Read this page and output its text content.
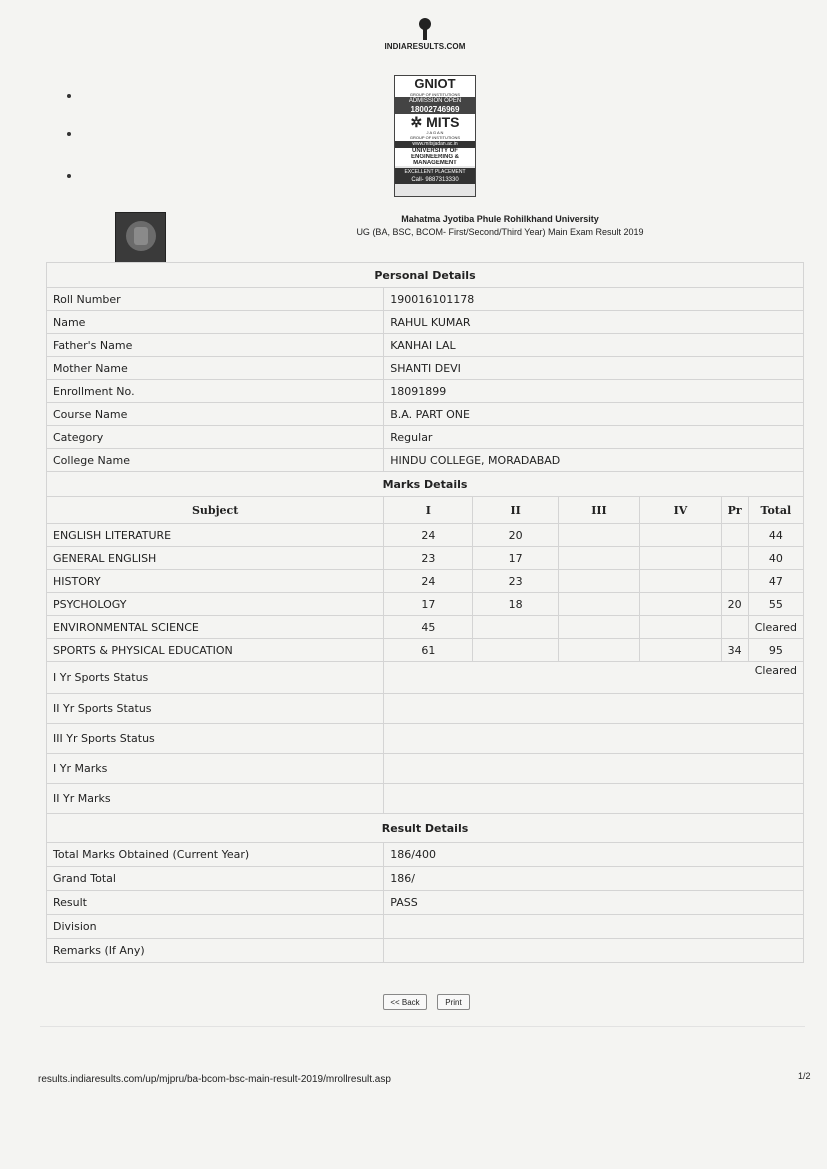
INDIARESULTS.COM
GNIOT
GROUP OF INSTITUTIONS
ADMISSION OPEN
18002746969
✲ MITS
J A G A N
GROUP OF INSTITUTIONS
www.mitsjadan.ac.in
UNIVERSITY OF
ENGINEERING &
MANAGEMENT
EXCELLENT PLACEMENT
Call- 9887313330
Mahatma Jyotiba Phule Rohilkhand University
UG (BA, BSC, BCOM- First/Second/Third Year) Main Exam Result 2019
Personal Details						
Roll Number	190016101178					
Name	RAHUL KUMAR					
Father's Name	KANHAI LAL					
Mother Name	SHANTI DEVI					
Enrollment No.	18091899					
Course Name	B.A. PART ONE					
Category	Regular					
College Name	HINDU COLLEGE, MORADABAD					
Marks Details						
Subject	I	II	III	IV	Pr	Total
ENGLISH LITERATURE	24	20				44
GENERAL ENGLISH	23	17				40
HISTORY	24	23				47
PSYCHOLOGY	17	18			20	55
ENVIRONMENTAL SCIENCE	45					Cleared
SPORTS & PHYSICAL EDUCATION	61				34	95
I Yr Sports Status	Cleared					
II Yr Sports Status						
III Yr Sports Status						
I Yr Marks						
II Yr Marks						
Result Details						
Total Marks Obtained (Current Year)	186/400					
Grand Total	186/					
Result	PASS					
Division						
Remarks (If Any)						
<< Back	Print
results.indiaresults.com/up/mjpru/ba-bcom-bsc-main-result-2019/mrollresult.asp	1/2
